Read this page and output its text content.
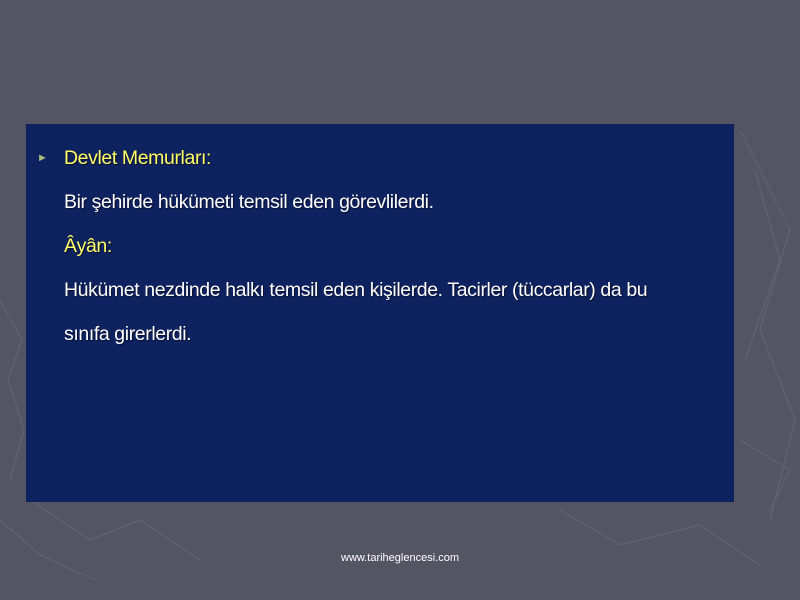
► Devlet Memurları:
Bir şehirde hükümeti temsil eden görevlilerdi.
Âyân:
Hükümet nezdinde halkı temsil eden kişilerde. Tacirler (tüccarlar) da bu
sınıfa girerlerdi.
www.tariheglencesi.com
